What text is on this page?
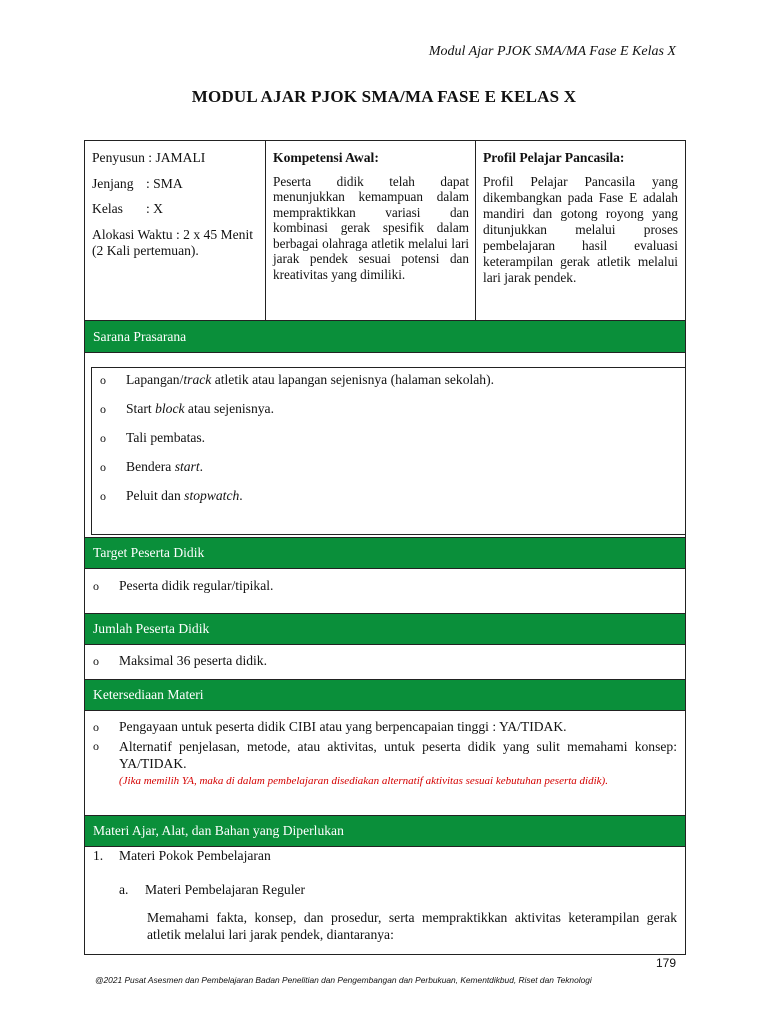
Modul Ajar PJOK SMA/MA Fase E Kelas X
MODUL AJAR PJOK SMA/MA FASE E KELAS X
Penyusun : JAMALI
Jenjang : SMA
Kelas : X
Alokasi Waktu : 2 x 45 Menit (2 Kali pertemuan).
Kompetensi Awal:
Peserta didik telah dapat menunjukkan kemampuan dalam mempraktikkan variasi dan kombinasi gerak spesifik dalam berbagai olahraga atletik melalui lari jarak pendek sesuai potensi dan kreativitas yang dimiliki.
Profil Pelajar Pancasila:
Profil Pelajar Pancasila yang dikembangkan pada Fase E adalah mandiri dan gotong royong yang ditunjukkan melalui proses pembelajaran hasil evaluasi keterampilan gerak atletik melalui lari jarak pendek.
Sarana Prasarana
o Lapangan/track atletik atau lapangan sejenisnya (halaman sekolah).
o Start block atau sejenisnya.
o Tali pembatas.
o Bendera start.
o Peluit dan stopwatch.
Target Peserta Didik
o Peserta didik regular/tipikal.
Jumlah Peserta Didik
o Maksimal 36 peserta didik.
Ketersediaan Materi
o Pengayaan untuk peserta didik CIBI atau yang berpencapaian tinggi : YA/TIDAK.
o	Alternatif penjelasan, metode, atau aktivitas, untuk peserta didik yang sulit memahami konsep: YA/TIDAK.
(Jika memilih YA, maka di dalam pembelajaran disediakan alternatif aktivitas sesuai kebutuhan peserta didik).
Materi Ajar, Alat, dan Bahan yang Diperlukan
1. Materi Pokok Pembelajaran
a. Materi Pembelajaran Reguler
Memahami fakta, konsep, dan prosedur, serta mempraktikkan aktivitas keterampilan gerak atletik melalui lari jarak pendek, diantaranya:
179
@2021 Pusat Asesmen dan Pembelajaran Badan Penelitian dan Pengembangan dan Perbukuan, Kementdikbud, Riset dan Teknologi
